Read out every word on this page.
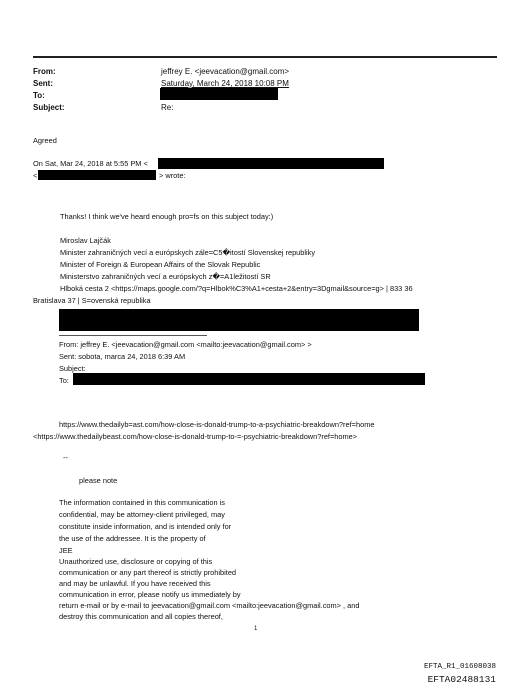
From:	jeffrey E. <jeevacation@gmail.com>
Sent:	Saturday, March 24, 2018 10:08 PM
To:
Subject:	Re:
Agreed
On Sat, Mar 24, 2018 at 5:55 PM <
<	> wrote:
Thanks! I think we've heard enough pro=fs on this subject today:)
Miroslav Lajčák
Minister zahraničných vecí a európskych zále=C5�itostí Slovenskej republiky
Minister of Foreign & European Affairs of the Slovak Republic
Ministerstvo zahraničných vecí a európskych z�=A1ležitostí SR
Hlboká cesta 2 <https://maps.google.com/?q=Hlbok%C3%A1+cesta+2&entry=3Dgmail&source=g> | 833 36
Bratislava 37 | S=ovenská republika
From: jeffrey E. <jeevacation@gmail.com <mailto:jeevacation@gmail.com> >
Sent: sobota, marca 24, 2018 6:39 AM
Subject:
To:
https://www.thedailyb=ast.com/how-close-is-donald-trump-to-a-psychiatric-breakdown?ref=home
<https://www.thedailybeast.com/how-close-is-donald-trump-to-=-psychiatric-breakdown?ref=home>
--
please note
The information contained in this communication is
confidential, may be attorney-client privileged, may
constitute inside information, and is intended only for
the use of the addressee. It is the property of
JEE
Unauthorized use, disclosure or copying of this
communication or any part thereof is strictly prohibited
and may be unlawful. If you have received this
communication in error, please notify us immediately by
return e-mail or by e-mail to jeevacation@gmail.com <mailto:jeevacation@gmail.com> , and
destroy this communication and all copies thereof,
1
EFTA_R1_01608038
EFTA02488131
